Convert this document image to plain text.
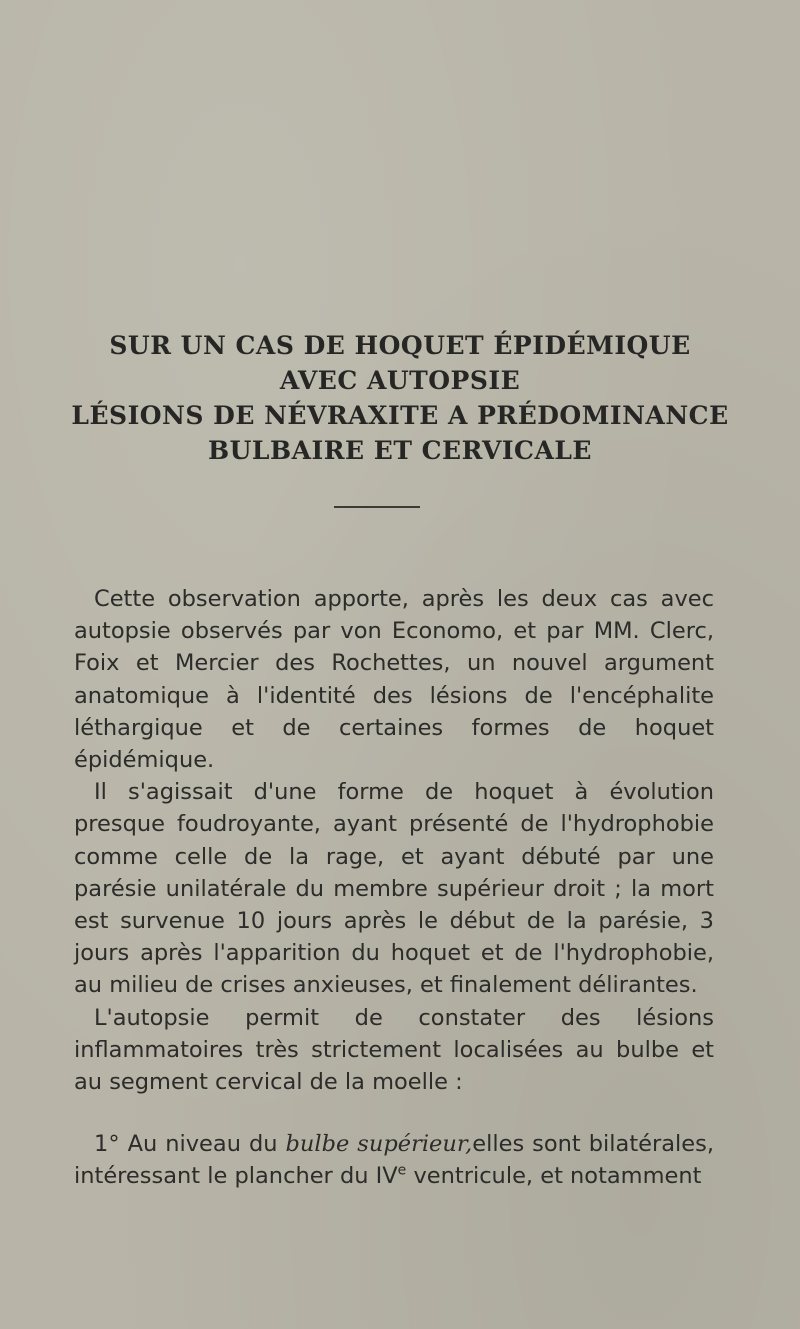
SUR UN CAS DE HOQUET ÉPIDÉMIQUE
AVEC AUTOPSIE
LÉSIONS DE NÉVRAXITE A PRÉDOMINANCE
BULBAIRE ET CERVICALE

Cette observation apporte, après les deux cas avec autopsie observés par von Economo, et par MM. Clerc, Foix et Mercier des Rochettes, un nouvel argument anatomique à l'identité des lésions de l'encéphalite léthargique et de certaines formes de hoquet épidémique.

Il s'agissait d'une forme de hoquet à évolution presque foudroyante, ayant présenté de l'hydrophobie comme celle de la rage, et ayant débuté par une parésie unilatérale du membre supérieur droit ; la mort est survenue 10 jours après le début de la parésie, 3 jours après l'apparition du hoquet et de l'hydrophobie, au milieu de crises anxieuses, et finalement délirantes.

L'autopsie permit de constater des lésions inflammatoires très strictement localisées au bulbe et au segment cervical de la moelle :

1° Au niveau du bulbe supérieur,elles sont bilatérales, intéressant le plancher du IVe ventricule, et notamment
